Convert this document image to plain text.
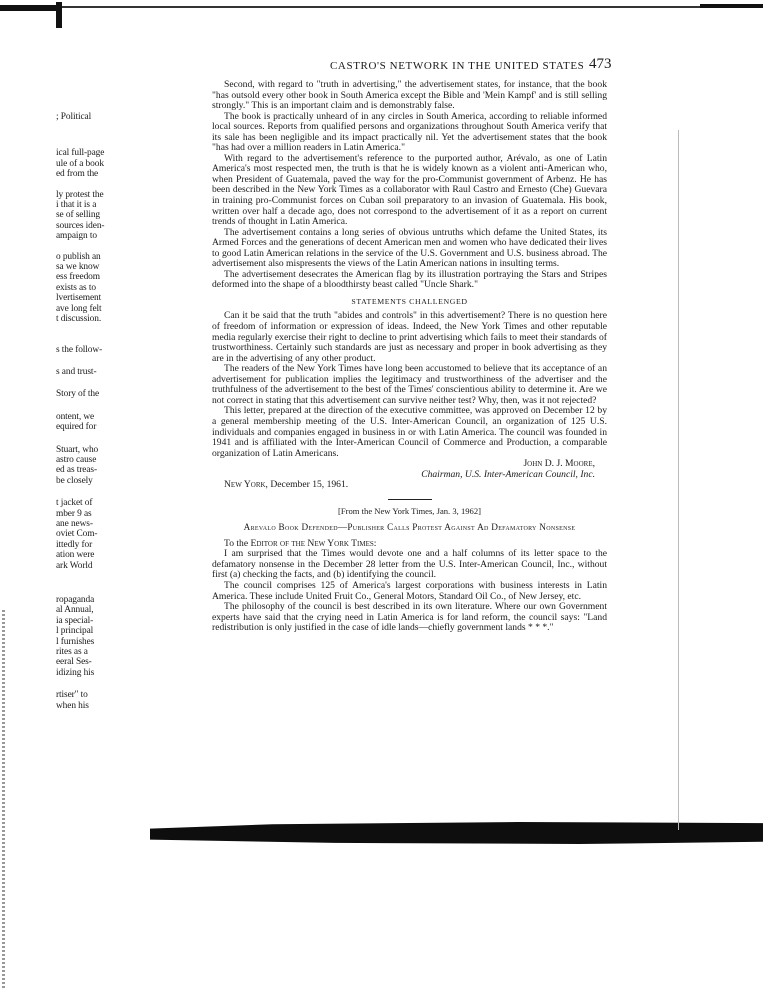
; Political
ical full-page
ule of a book
ed from the
ly protest the
i that it is a
se of selling
sources iden-
ampaign to
o publish an
sa we know
ess freedom
exists as to
lvertisement
ave long felt
t discussion.
s the follow-
s and trust-
Story of the
ontent, we
equired for
Stuart, who
astro cause
ed as treas-
be closely
t jacket of
mber 9 as
ane news-
oviet Com-
ittedly for
ation were
ark World
ropaganda
al Annual,
ia special-
l principal
l furnishes
rites as a
eeral Ses-
idizing his
rtiser" to
when his
CASTRO'S NETWORK IN THE UNITED STATES 473

Second, with regard to "truth in advertising," the advertisement states, for instance, that the book "has outsold every other book in South America except the Bible and 'Mein Kampf' and is still selling strongly." This is an important claim and is demonstrably false.

The book is practically unheard of in any circles in South America, according to reliable informed local sources. Reports from qualified persons and organizations throughout South America verify that its sale has been negligible and its impact practically nil. Yet the advertisement states that the book "has had over a million readers in Latin America."

With regard to the advertisement's reference to the purported author, Arévalo, as one of Latin America's most respected men, the truth is that he is widely known as a violent anti-American who, when President of Guatemala, paved the way for the pro-Communist government of Arbenz. He has been described in the New York Times as a collaborator with Raul Castro and Ernesto (Che) Guevara in training pro-Communist forces on Cuban soil preparatory to an invasion of Guatemala. His book, written over half a decade ago, does not correspond to the advertisement of it as a report on current trends of thought in Latin America.

The advertisement contains a long series of obvious untruths which defame the United States, its Armed Forces and the generations of decent American men and women who have dedicated their lives to good Latin American relations in the service of the U.S. Government and U.S. business abroad. The advertisement also mispresents the views of the Latin American nations in insulting terms.

The advertisement desecrates the American flag by its illustration portraying the Stars and Stripes deformed into the shape of a bloodthirsty beast called "Uncle Shark."

STATEMENTS CHALLENGED

Can it be said that the truth "abides and controls" in this advertisement? There is no question here of freedom of information or expression of ideas. Indeed, the New York Times and other reputable media regularly exercise their right to decline to print advertising which fails to meet their standards of trustworthiness. Certainly such standards are just as necessary and proper in book advertising as they are in the advertising of any other product.

The readers of the New York Times have long been accustomed to believe that its acceptance of an advertisement for publication implies the legitimacy and trustworthiness of the advertiser and the truthfulness of the advertisement to the best of the Times' conscientious ability to determine it. Are we not correct in stating that this advertisement can survive neither test? Why, then, was it not rejected?

This letter, prepared at the direction of the executive committee, was approved on December 12 by a general membership meeting of the U.S. Inter-American Council, an organization of 125 U.S. individuals and companies engaged in business in or with Latin America. The council was founded in 1941 and is affiliated with the Inter-American Council of Commerce and Production, a comparable organization of Latin Americans.

John D. J. Moore,

Chairman, U.S. Inter-American Council, Inc.

New York, December 15, 1961.

[From the New York Times, Jan. 3, 1962]
Arevalo Book Defended—Publisher Calls Protest Against Ad Defamatory Nonsense

To the Editor of the New York Times:

I am surprised that the Times would devote one and a half columns of its letter space to the defamatory nonsense in the December 28 letter from the U.S. Inter-American Council, Inc., without first (a) checking the facts, and (b) identifying the council.

The council comprises 125 of America's largest corporations with business interests in Latin America. These include United Fruit Co., General Motors, Standard Oil Co., of New Jersey, etc.

The philosophy of the council is best described in its own literature. Where our own Government experts have said that the crying need in Latin America is for land reform, the council says: "Land redistribution is only justified in the case of idle lands—chiefly government lands * * *."
